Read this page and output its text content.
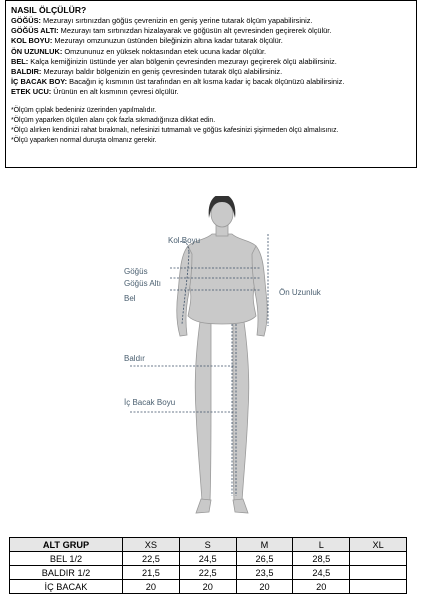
NASIL ÖLÇÜLÜR?
GÖĞÜS: Mezurayı sırtınızdan göğüs çevrenizin en geniş yerine tutarak ölçüm yapabilirsiniz.
GÖĞÜS ALTI: Mezurayı tam sırtınızdan hizalayarak ve göğüsün alt çevresinden geçirerek ölçülür.
KOL BOYU: Mezurayı omzunuzun üstünden bileğinizin altına kadar tutarak ölçülür.
ÖN UZUNLUK: Omzununuz en yüksek noktasından etek ucuna kadar ölçülür.
BEL: Kalça kemiğinizin üstünde yer alan bölgenin çevresinden mezurayı geçirerek ölçü alabilirsiniz.
BALDIR: Mezurayı baldır bölgenizin en geniş çevresinden tutarak ölçü alabilirsiniz.
İÇ BACAK BOY: Bacağın iç kısmının üst tarafından en alt kısma kadar iç bacak ölçünüzü alabilirsiniz.
ETEK UCU: Ürünün en alt kısmının çevresi ölçülür.
*Ölçüm çıplak bedeniniz üzerinden yapılmalıdır.
*Ölçüm yaparken ölçülen alanı çok fazla sıkmadığınıza dikkat edin.
*Ölçü alırken kendinizi rahat bırakmalı, nefesinizi tutmamalı ve göğüs kafesinizi şişirmeden ölçü almalısınız.
*Ölçü yaparken normal duruşta olmanız gerekir.
Kol Boyu
Göğüs
Göğüs Altı
Bel
Ön Uzunluk
Baldır
İç Bacak Boyu
ALT GRUP	XS	S	M	L	XL
BEL 1/2	22,5	24,5	26,5	28,5	
BALDIR 1/2	21,5	22,5	23,5	24,5	
İÇ BACAK	20	20	20	20	
